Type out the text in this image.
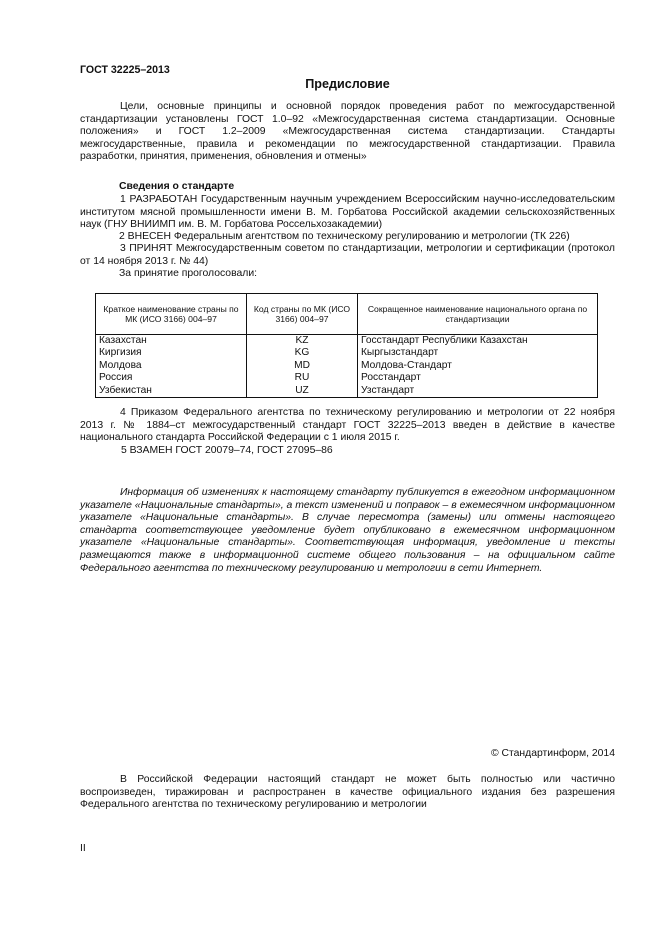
ГОСТ 32225–2013
Предисловие
Цели, основные принципы и основной порядок проведения работ по межгосударственной стандартизации установлены ГОСТ 1.0–92 «Межгосударственная система стандартизации. Основные положения» и ГОСТ 1.2–2009 «Межгосударственная система стандартизации. Стандарты межгосударственные, правила и рекомендации по межгосударственной стандартизации. Правила разработки, принятия, применения, обновления и отмены»
Сведения о стандарте
1 РАЗРАБОТАН Государственным научным учреждением Всероссийским научно-исследовательским институтом мясной промышленности имени В. М. Горбатова Российской академии сельскохозяйственных наук (ГНУ ВНИИМП им. В. М. Горбатова Россельхозакадемии)
2 ВНЕСЕН Федеральным агентством по техническому регулированию и метрологии (ТК 226)
3 ПРИНЯТ Межгосударственным советом по стандартизации, метрологии и сертификации (протокол от 14 ноября 2013 г. № 44)
За принятие проголосовали:
Краткое наименование страны по МК (ИСО 3166) 004–97	Код страны по МК (ИСО 3166) 004–97	Сокращенное наименование национального органа по стандартизации
Казахстан	KZ	Госстандарт Республики Казахстан
Киргизия	KG	Кыргызстандарт
Молдова	MD	Молдова-Стандарт
Россия	RU	Росстандарт
Узбекистан	UZ	Узстандарт
4 Приказом Федерального агентства по техническому регулированию и метрологии от 22 ноября 2013 г. № 1884–ст межгосударственный стандарт ГОСТ 32225–2013 введен в действие в качестве национального стандарта Российской Федерации с 1 июля 2015 г.
5 ВЗАМЕН ГОСТ 20079–74, ГОСТ 27095–86
Информация об изменениях к настоящему стандарту публикуется в ежегодном информационном указателе «Национальные стандарты», а текст изменений и поправок – в ежемесячном информационном указателе «Национальные стандарты». В случае пересмотра (замены) или отмены настоящего стандарта соответствующее уведомление будет опубликовано в ежемесячном информационном указателе «Национальные стандарты». Соответствующая информация, уведомление и тексты размещаются также в информационной системе общего пользования – на официальном сайте Федерального агентства по техническому регулированию и метрологии в сети Интернет.
© Стандартинформ, 2014
В Российской Федерации настоящий стандарт не может быть полностью или частично воспроизведен, тиражирован и распространен в качестве официального издания без разрешения Федерального агентства по техническому регулированию и метрологии
II
